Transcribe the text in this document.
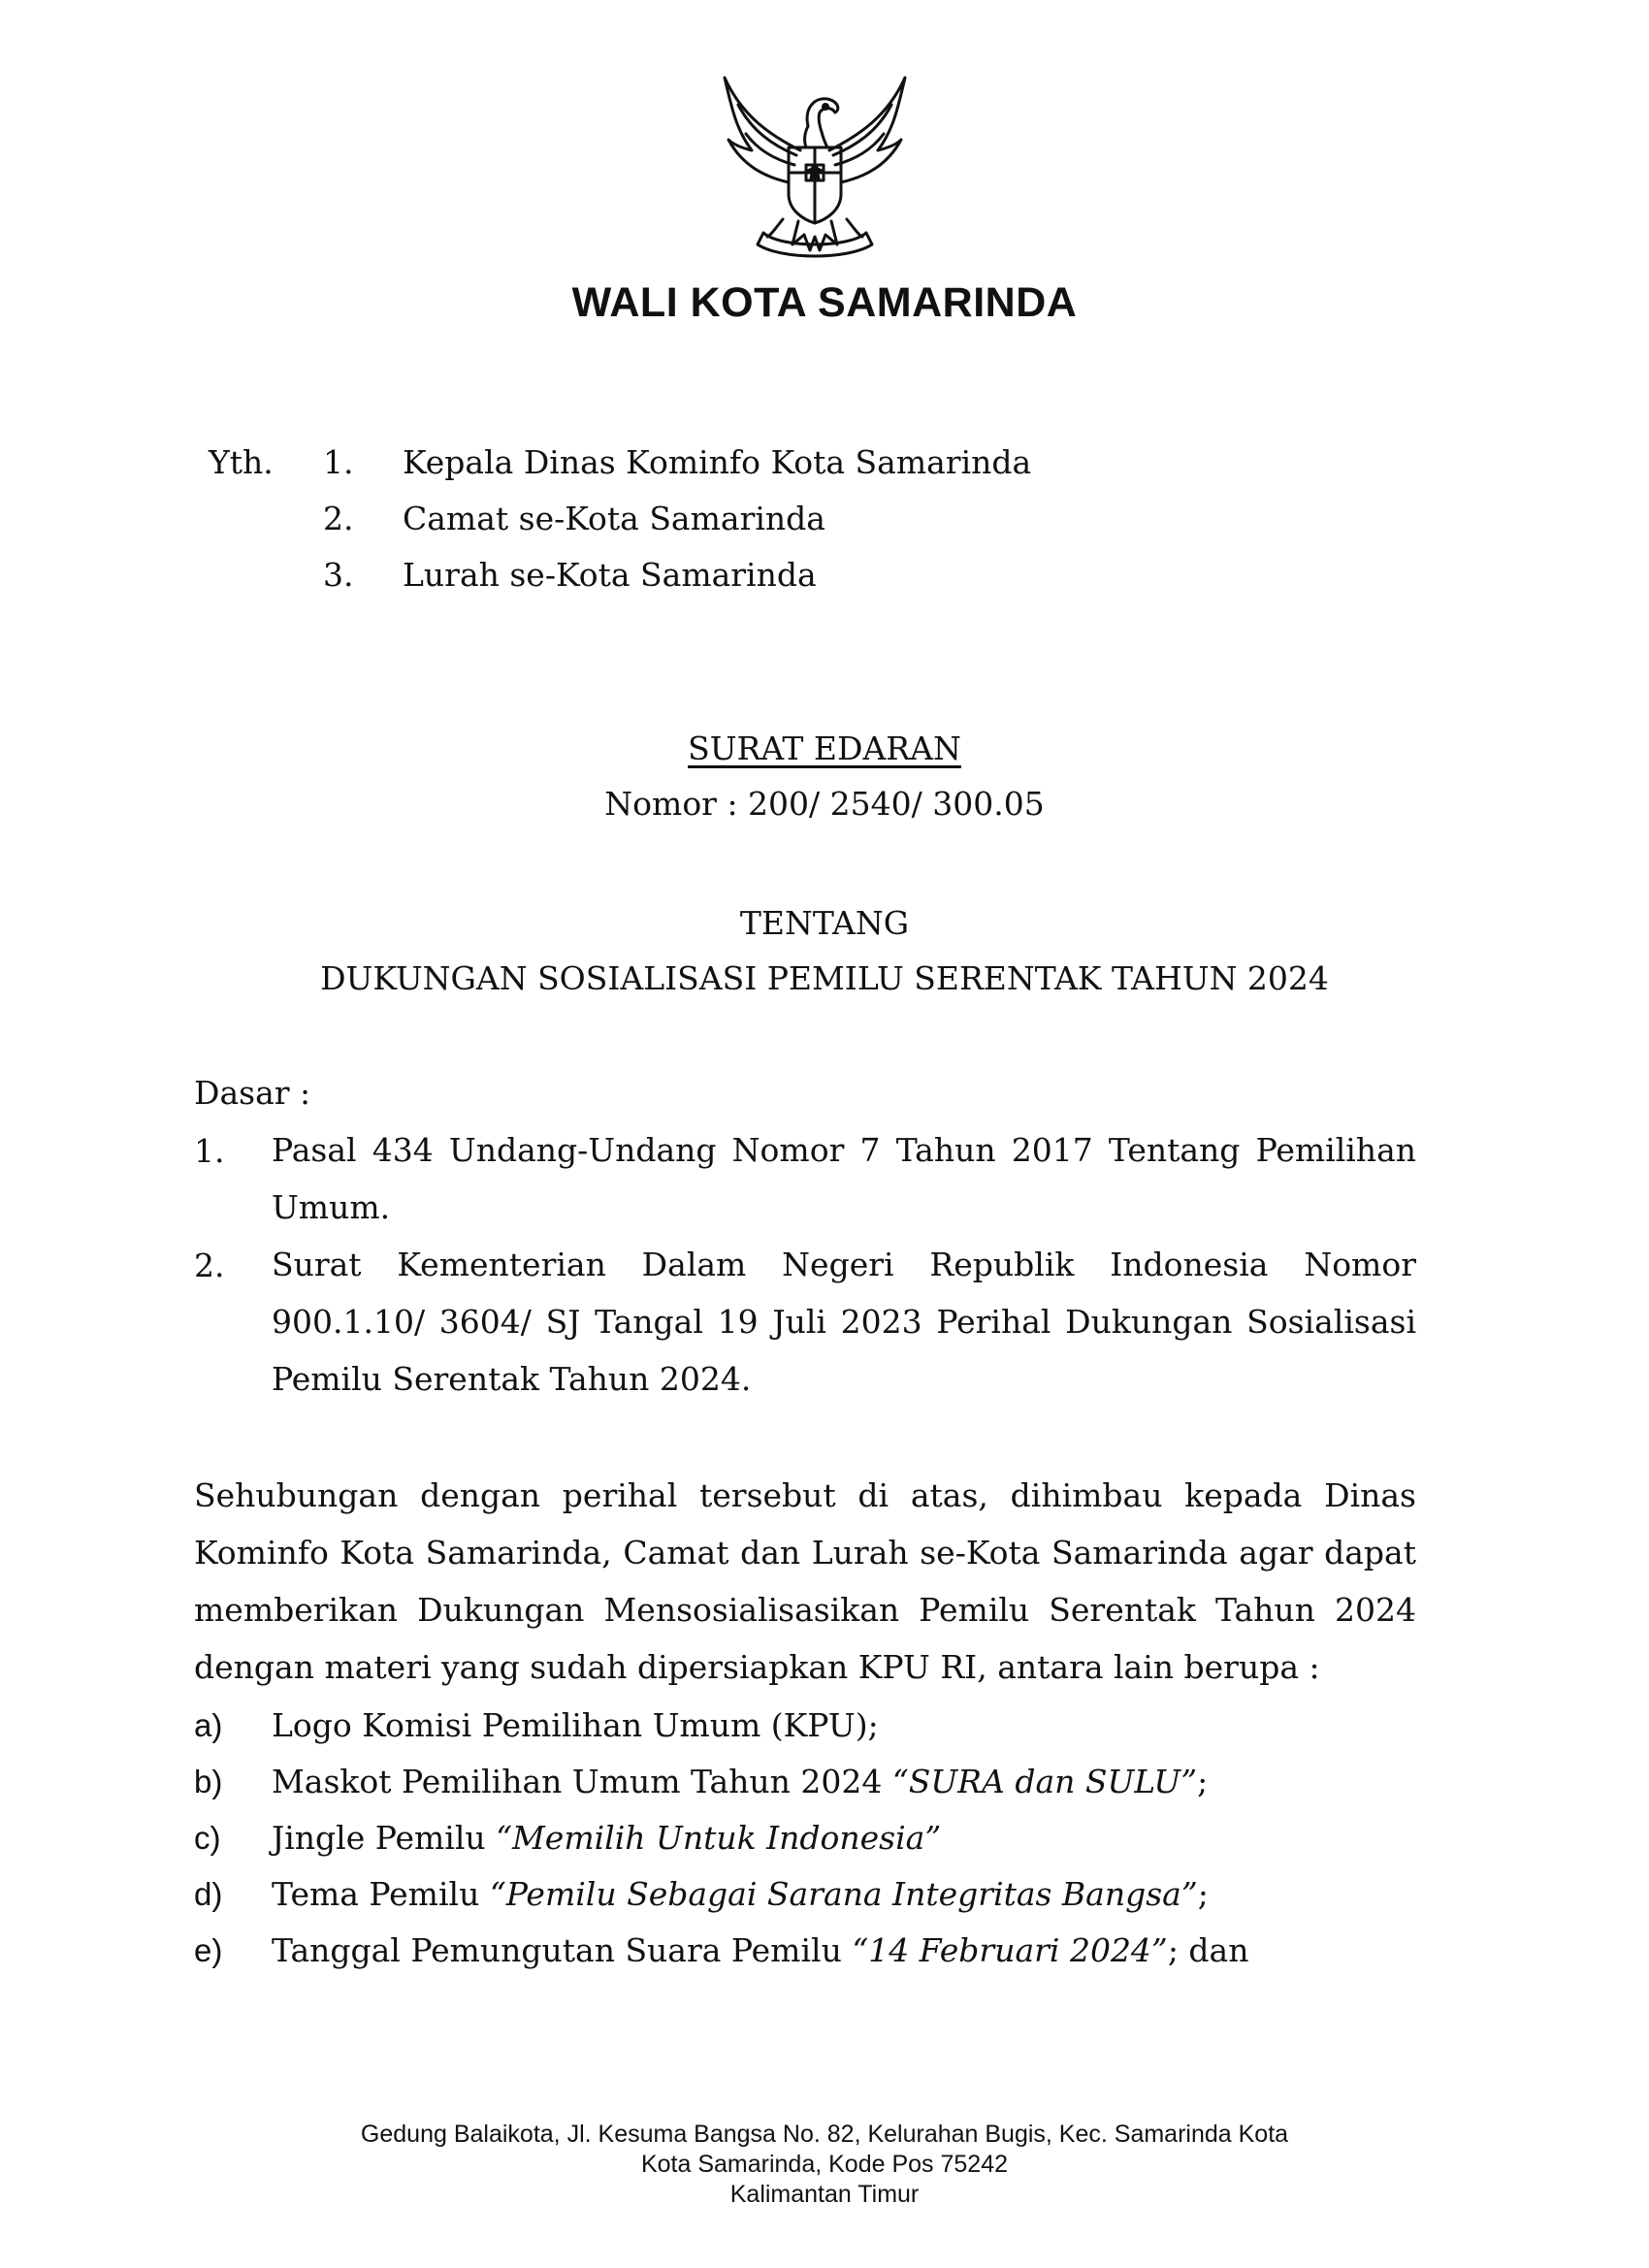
WALI KOTA SAMARINDA
Yth. 1. Kepala Dinas Kominfo Kota Samarinda
2. Camat se-Kota Samarinda
3. Lurah se-Kota Samarinda
SURAT EDARAN
Nomor : 200/ 2540/ 300.05
TENTANG
DUKUNGAN SOSIALISASI PEMILU SERENTAK TAHUN 2024
Dasar :
1. Pasal 434 Undang-Undang Nomor 7 Tahun 2017 Tentang Pemilihan Umum.
2. Surat Kementerian Dalam Negeri Republik Indonesia Nomor 900.1.10/ 3604/ SJ Tangal 19 Juli 2023 Perihal Dukungan Sosialisasi Pemilu Serentak Tahun 2024.
Sehubungan dengan perihal tersebut di atas, dihimbau kepada Dinas
Kominfo Kota Samarinda, Camat dan Lurah se-Kota Samarinda agar dapat
memberikan Dukungan Mensosialisasikan Pemilu Serentak Tahun 2024
dengan materi yang sudah dipersiapkan KPU RI, antara lain berupa :
a) Logo Komisi Pemilihan Umum (KPU);
b) Maskot Pemilihan Umum Tahun 2024 “SURA dan SULU”;
c) Jingle Pemilu “Memilih Untuk Indonesia”
d) Tema Pemilu “Pemilu Sebagai Sarana Integritas Bangsa”;
e) Tanggal Pemungutan Suara Pemilu “14 Februari 2024”; dan
Gedung Balaikota, Jl. Kesuma Bangsa No. 82, Kelurahan Bugis, Kec. Samarinda Kota
Kota Samarinda, Kode Pos 75242
Kalimantan Timur
